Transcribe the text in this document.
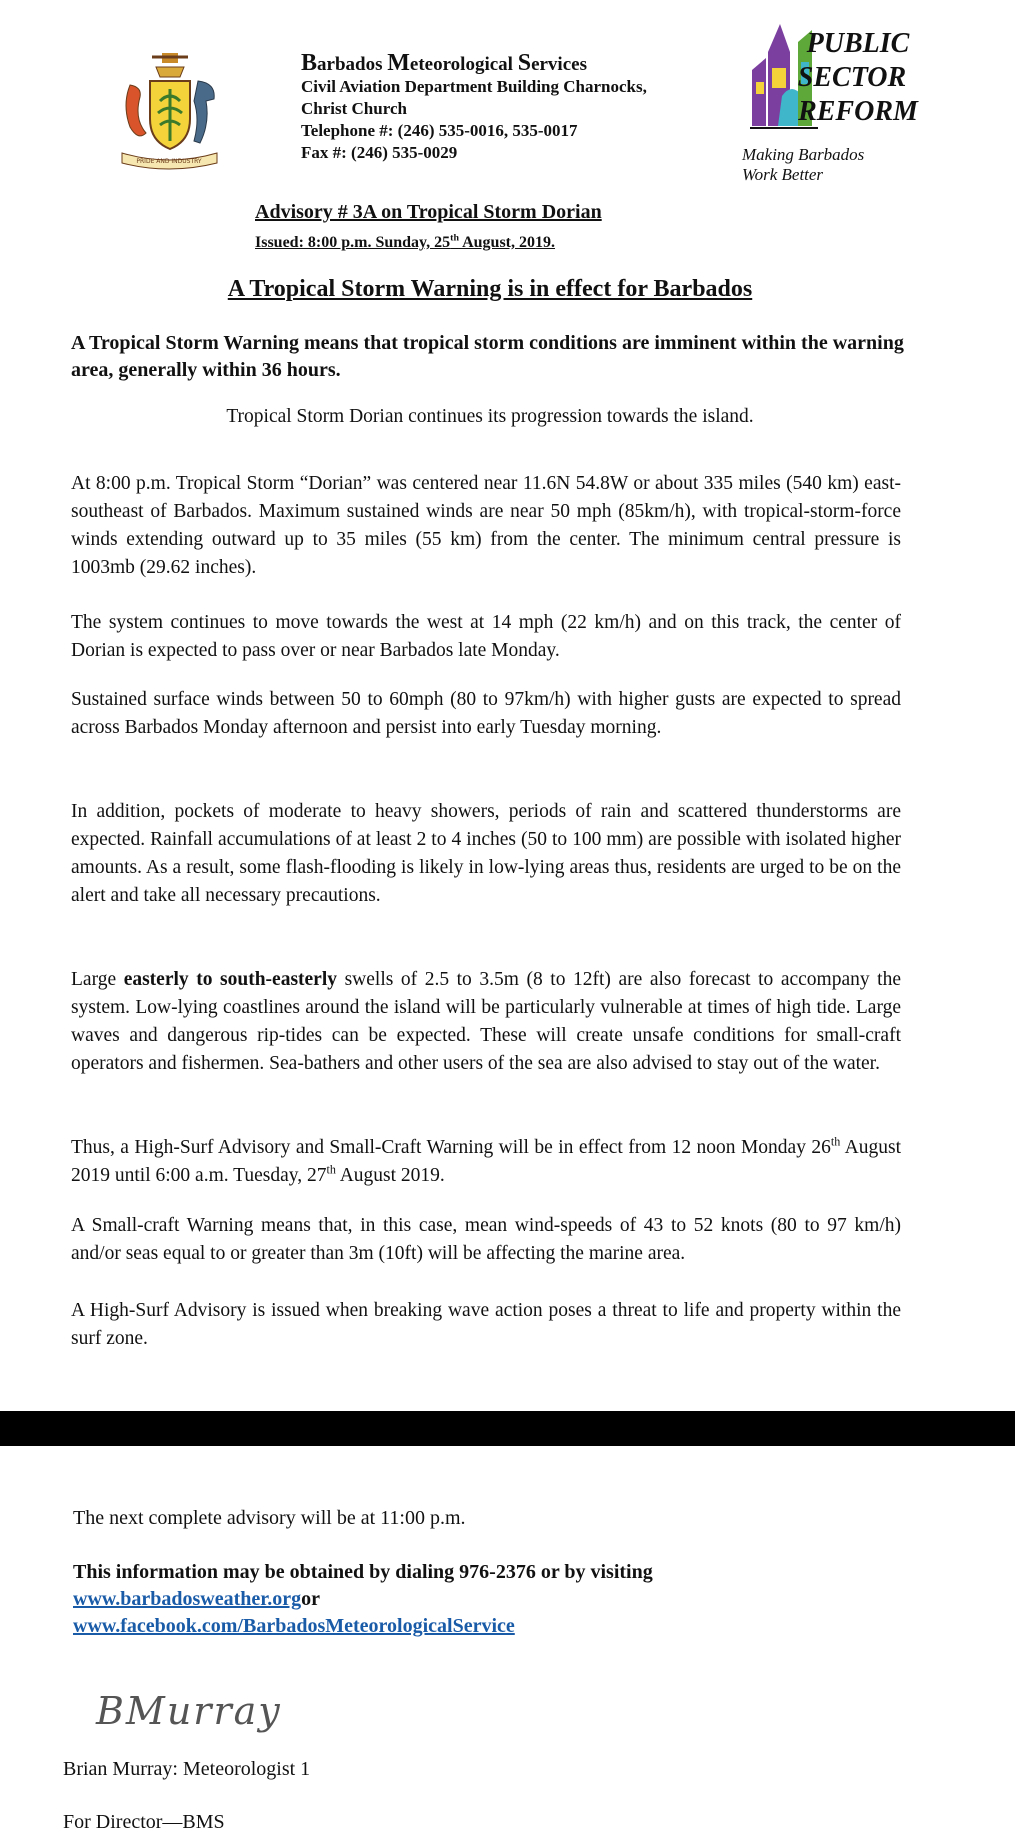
PRIDE AND INDUSTRY
Barbados Meteorological Services
Civil Aviation Department Building Charnocks,
Christ Church
Telephone #: (246) 535-0016, 535-0017
Fax #: (246) 535-0029
PUBLIC
SECTOR
REFORM
Making Barbados
Work Better
Advisory # 3A on Tropical Storm Dorian
Issued: 8:00 p.m. Sunday, 25th August, 2019.
A Tropical Storm Warning is in effect for Barbados
A Tropical Storm Warning means that tropical storm conditions are imminent within the warning area, generally within 36 hours.
Tropical Storm Dorian continues its progression towards the island.
At 8:00 p.m. Tropical Storm “Dorian” was centered near 11.6N 54.8W or about 335 miles (540 km) east-southeast of Barbados. Maximum sustained winds are near 50 mph (85km/h), with tropical-storm-force winds extending outward up to 35 miles (55 km) from the center. The minimum central pressure is 1003mb (29.62 inches).
The system continues to move towards the west at 14 mph (22 km/h) and on this track, the center of Dorian is expected to pass over or near Barbados late Monday.
Sustained surface winds between 50 to 60mph (80 to 97km/h) with higher gusts are expected to spread across Barbados Monday afternoon and persist into early Tuesday morning.
In addition, pockets of moderate to heavy showers, periods of rain and scattered thunderstorms are expected. Rainfall accumulations of at least 2 to 4 inches (50 to 100 mm) are possible with isolated higher amounts. As a result, some flash-flooding is likely in low-lying areas thus, residents are urged to be on the alert and take all necessary precautions.
Large easterly to south-easterly swells of 2.5 to 3.5m (8 to 12ft) are also forecast to accompany the system. Low-lying coastlines around the island will be particularly vulnerable at times of high tide. Large waves and dangerous rip-tides can be expected. These will create unsafe conditions for small-craft operators and fishermen. Sea-bathers and other users of the sea are also advised to stay out of the water.
Thus, a High-Surf Advisory and Small-Craft Warning will be in effect from 12 noon Monday 26th August 2019 until 6:00 a.m. Tuesday, 27th August 2019.
A Small-craft Warning means that, in this case, mean wind-speeds of 43 to 52 knots (80 to 97 km/h) and/or seas equal to or greater than 3m (10ft) will be affecting the marine area.
A High-Surf Advisory is issued when breaking wave action poses a threat to life and property within the surf zone.
The next complete advisory will be at 11:00 p.m.
This information may be obtained by dialing 976-2376 or by visiting
www.barbadosweather.orgor
www.facebook.com/BarbadosMeteorologicalService
BMurray
Brian Murray: Meteorologist 1
For Director—BMS
